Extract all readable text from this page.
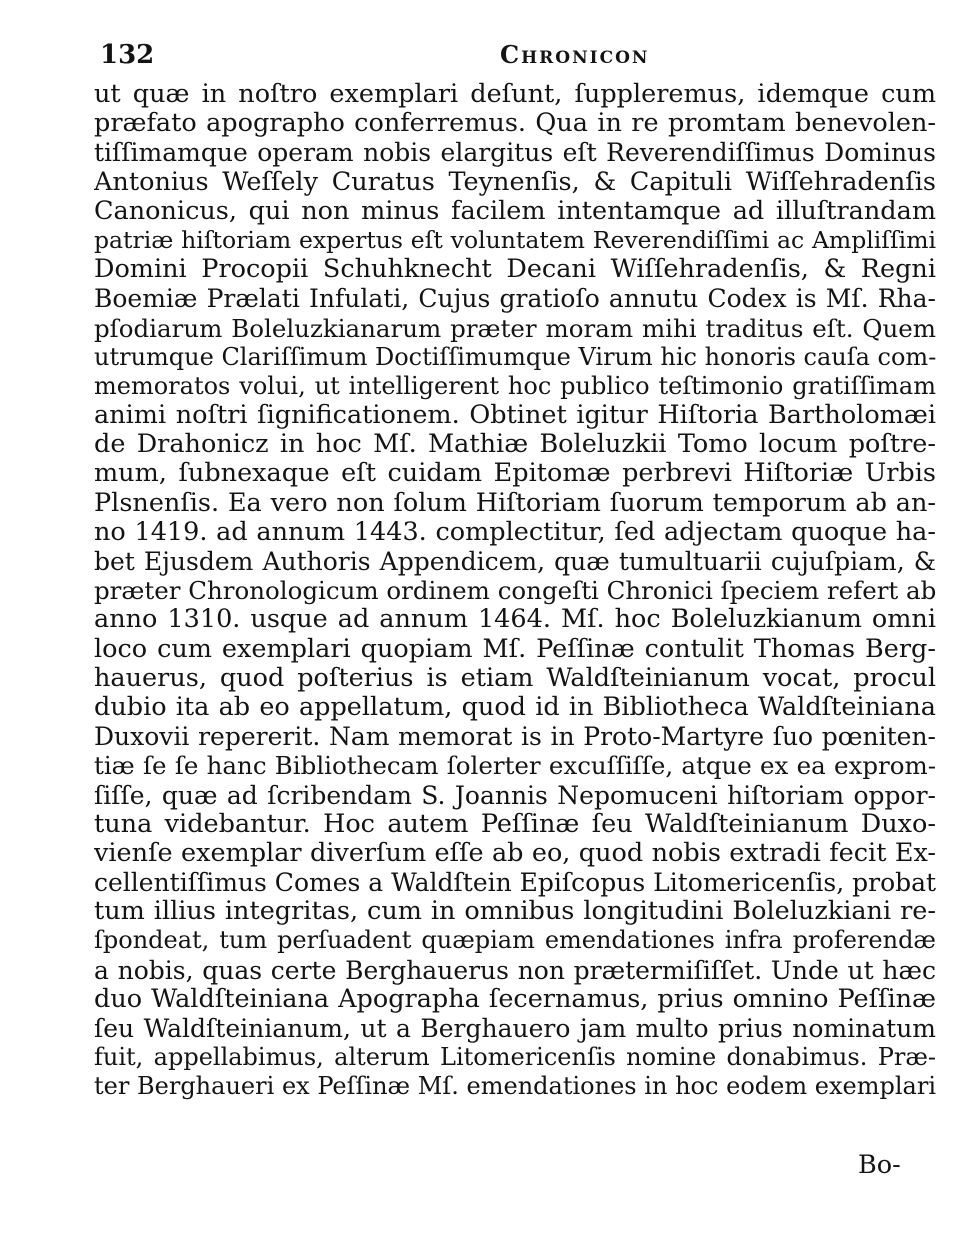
132	Chronicon
ut quæ in noſtro exemplari deſunt, ſuppleremus, idemque cum
præfato apographo conferremus. Qua in re promtam benevolen-
tiſſimamque operam nobis elargitus eſt Reverendiſſimus Dominus
Antonius Weſſely Curatus Teynenſis, & Capituli Wiſſehradenſis
Canonicus, qui non minus facilem intentamque ad illuſtrandam
patriæ hiſtoriam expertus eſt voluntatem Reverendiſſimi ac Ampliſſimi
Domini Procopii Schuhknecht Decani Wiſſehradenſis, & Regni
Boemiæ Prælati Infulati, Cujus gratioſo annutu Codex is Mſ. Rha-
pſodiarum Boleluzkianarum præter moram mihi traditus eſt. Quem
utrumque Clariſſimum Doctiſſimumque Virum hic honoris cauſa com-
memoratos volui, ut intelligerent hoc publico teſtimonio gratiſſimam
animi noſtri ſignificationem. Obtinet igitur Hiſtoria Bartholomæi
de Drahonicz in hoc Mſ. Mathiæ Boleluzkii Tomo locum poſtre-
mum, ſubnexaque eſt cuidam Epitomæ perbrevi Hiſtoriæ Urbis
Plsnenſis. Ea vero non ſolum Hiſtoriam ſuorum temporum ab an-
no 1419. ad annum 1443. complectitur, ſed adjectam quoque ha-
bet Ejusdem Authoris Appendicem, quæ tumultuarii cujuſpiam, &
præter Chronologicum ordinem congeſti Chronici ſpeciem refert ab
anno 1310. usque ad annum 1464. Mſ. hoc Boleluzkianum omni
loco cum exemplari quopiam Mſ. Peſſinæ contulit Thomas Berg-
hauerus, quod poſterius is etiam Waldſteinianum vocat, procul
dubio ita ab eo appellatum, quod id in Bibliotheca Waldſteiniana
Duxovii repererit. Nam memorat is in Proto-Martyre ſuo pœniten-
tiæ ſe ſe hanc Bibliothecam ſolerter excuſſiſſe, atque ex ea exprom-
ſiſſe, quæ ad ſcribendam S. Joannis Nepomuceni hiſtoriam oppor-
tuna videbantur. Hoc autem Peſſinæ ſeu Waldſteinianum Duxo-
vienſe exemplar diverſum eſſe ab eo, quod nobis extradi fecit Ex-
cellentiſſimus Comes a Waldſtein Epiſcopus Litomericenſis, probat
tum illius integritas, cum in omnibus longitudini Boleluzkiani re-
ſpondeat, tum perſuadent quæpiam emendationes infra proferendæ
a nobis, quas certe Berghauerus non prætermiſiſſet. Unde ut hæc
duo Waldſteiniana Apographa ſecernamus, prius omnino Peſſinæ
ſeu Waldſteinianum, ut a Berghauero jam multo prius nominatum
fuit, appellabimus, alterum Litomericenſis nomine donabimus. Præ-
ter Berghaueri ex Peſſinæ Mſ. emendationes in hoc eodem exemplari
Bo-
